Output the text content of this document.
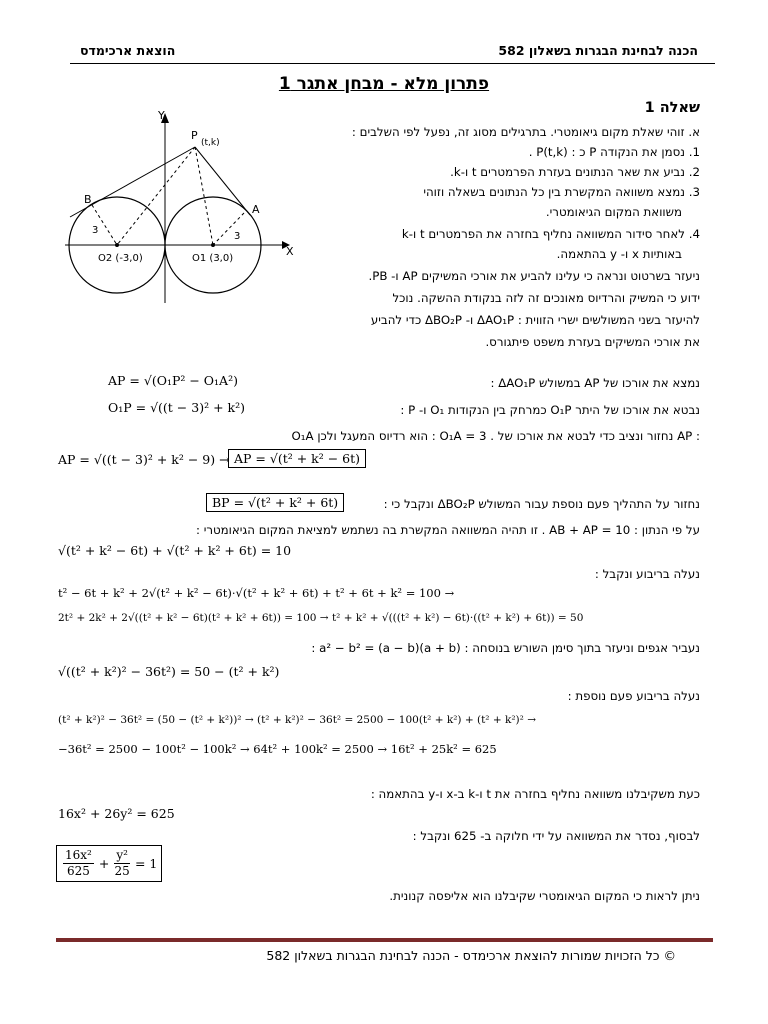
הכנה לבחינת הבגרות בשאלון 582
הוצאת ארכימדס
פתרון מלא - מבחן אתגר 1
שאלה 1
Y
X
P
(t,k)
B
A
3
3
O2 (-3,0)	O1 (3,0)
א. זוהי שאלת מקום גיאומטרי. בתרגילים מסוג זה, נפעל לפי השלבים :
1. נסמן את הנקודה P כ : P(t,k) .
2. נביע את שאר הנתונים בעזרת הפרמטרים t ו-k.
3. נמצא משוואה המקשרת בין כל הנתונים בשאלה וזוהי
משוואת המקום הגיאומטרי.
4. לאחר סידור המשוואה נחליף בחזרה את הפרמטרים t ו-k
באותיות x ו- y בהתאמה.
ניעזר בשרטוט ונראה כי עלינו להביע את אורכי המשיקים AP ו- PB.
ידוע כי המשיק והרדיוס מאונכים זה לזה בנקודת ההשקה. נוכל
להיעזר בשני המשולשים ישרי הזווית : ΔAO₁P ו- ΔBO₂P כדי להביע
את אורכי המשיקים בעזרת משפט פיתגורס.
נמצא את אורכו של AP במשולש ΔAO₁P :
AP = √(O₁P² − O₁A²)
נבטא את אורכו של היתר O₁P כמרחק בין הנקודות O₁ ו- P :
O₁P = √((t − 3)² + k²)
O₁A הוא רדיוס המעגל ולכן : O₁A = 3 . נחזור ונציב כדי לבטא את אורכו של AP :
AP = √((t − 3)² + k² − 9) → AP = √(t² + k² − 6t)
נחזור על התהליך פעם נוספת עבור המשולש ΔBO₂P ונקבל כי :
BP = √(t² + k² + 6t)
על פי הנתון : AB + AP = 10 . זו תהיה המשוואה המקשרת בה נשתמש למציאת המקום הגיאומטרי :
√(t² + k² − 6t) + √(t² + k² + 6t) = 10
נעלה בריבוע ונקבל :
t² − 6t + k² + 2√(t² + k² − 6t)·√(t² + k² + 6t) + t² + 6t + k² = 100 →
2t² + 2k² + 2√((t² + k² − 6t)(t² + k² + 6t)) = 100 → t² + k² + √(((t² + k²) − 6t)·((t² + k²) + 6t)) = 50
נעביר אגפים וניעזר בתוך סימן השורש בנוסחה : (a + b)(a − b) = a² − b² :
√((t² + k²)² − 36t²) = 50 − (t² + k²)
נעלה בריבוע פעם נוספת :
(t² + k²)² − 36t² = (50 − (t² + k²))² → (t² + k²)² − 36t² = 2500 − 100(t² + k²) + (t² + k²)² →
−36t² = 2500 − 100t² − 100k² → 64t² + 100k² = 2500 → 16t² + 25k² = 625
כעת משקיבלנו משוואה נחליף בחזרה את t ו-k ב-x ו-y בהתאמה :
16x² + 26y² = 625
לבסוף, נסדר את המשוואה על ידי חלוקה ב- 625 ונקבל :
$\frac{\text{16x²}}{625} + \frac{\text{y²}}{25} = 1$
ניתן לראות כי המקום הגיאומטרי שקיבלנו הוא אליפסה קנונית.
© כל הזכויות שמורות להוצאת ארכימדס - הכנה לבחינת הבגרות בשאלון 582
